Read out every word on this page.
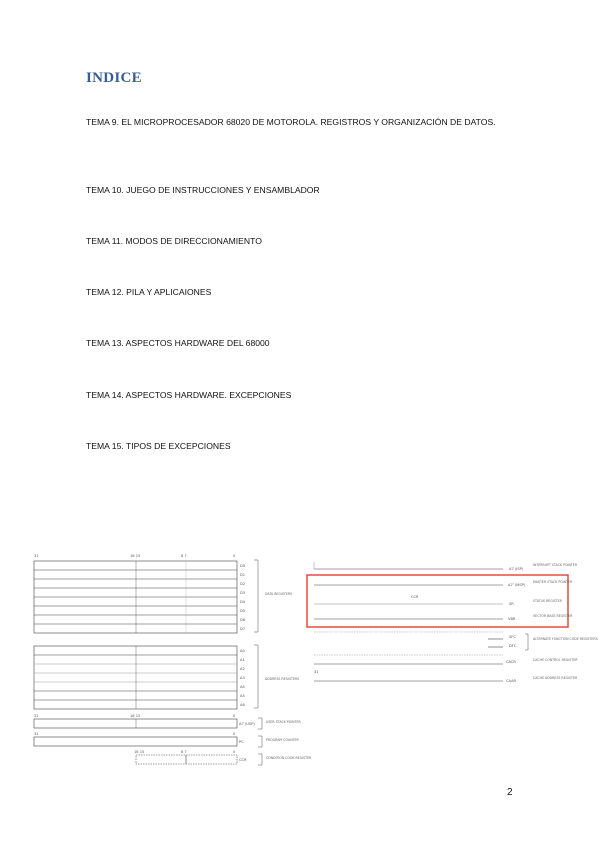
INDICE
TEMA 9. EL MICROPROCESADOR 68020 DE MOTOROLA. REGISTROS Y ORGANIZACIÓN DE DATOS.
TEMA 10. JUEGO DE INSTRUCCIONES Y ENSAMBLADOR
TEMA 11. MODOS DE DIRECCIONAMIENTO
TEMA 12. PILA Y APLICAIONES
TEMA 13. ASPECTOS HARDWARE DEL 68000
TEMA 14. ASPECTOS HARDWARE. EXCEPCIONES
TEMA 15. TIPOS DE EXCEPCIONES
31	16 15	8 7	0
D0
D1
D2
D3
D4
D5
D6
D7
DATA REGISTERS
A0
A1
A2
A3
A4
A5
A6
ADDRESS REGISTERS
31	16 15	0
A7 (USP)	USER STACK POINTER
31	0
PC	PROGRAM COUNTER
16 15	8 7	0
CCR	CONDITION CODE REGISTER
A7 (ISP)
INTERRUPT STACK POINTER
A7' (MSP)
MASTER STACK POINTER
CCR
SR
STATUS REGISTER
VBR
VECTOR BASE REGISTER
SFC
DFC
ALTERNATE FUNCTION CODE REGISTERS
CACR	CACHE CONTROL REGISTER
31
CAAR
CACHE ADDRESS REGISTER
2
